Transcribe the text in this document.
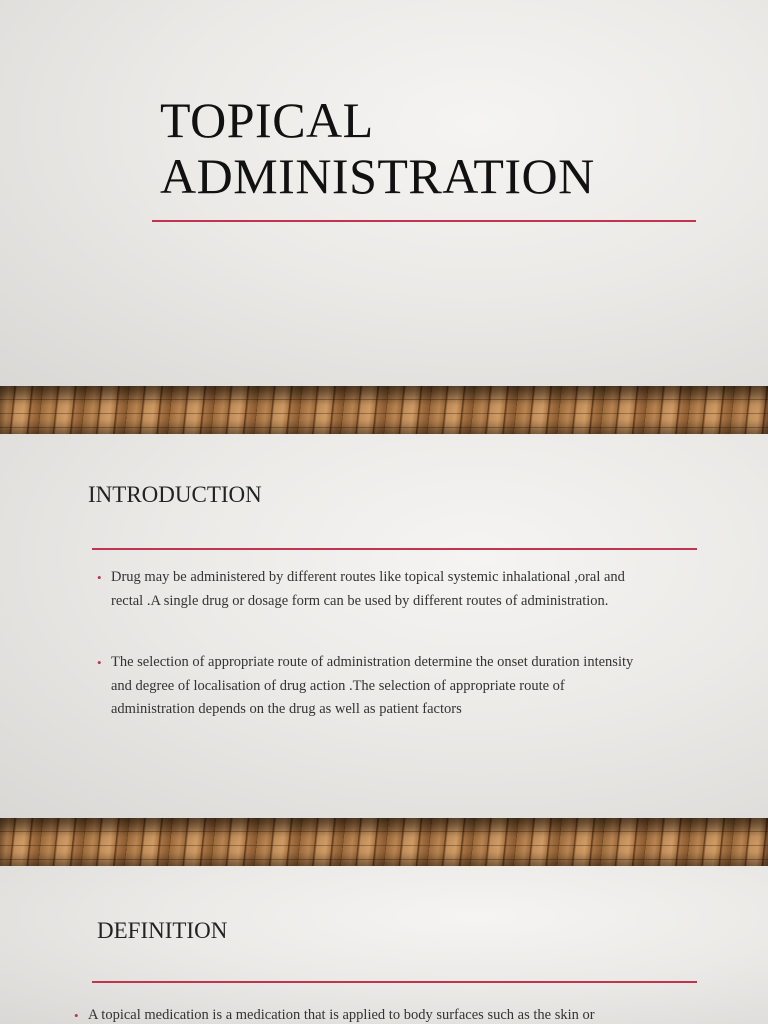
TOPICAL
ADMINISTRATION
INTRODUCTION
• Drug may be administered by different routes like topical systemic inhalational ,oral and
rectal .A single drug or dosage form can be used by different routes of administration.
• The selection of appropriate route of administration determine the onset duration intensity
and degree of localisation of drug action .The selection of appropriate route of
administration depends on the drug as well as patient factors
DEFINITION
• A topical medication is a medication that is applied to body surfaces such as the skin or
